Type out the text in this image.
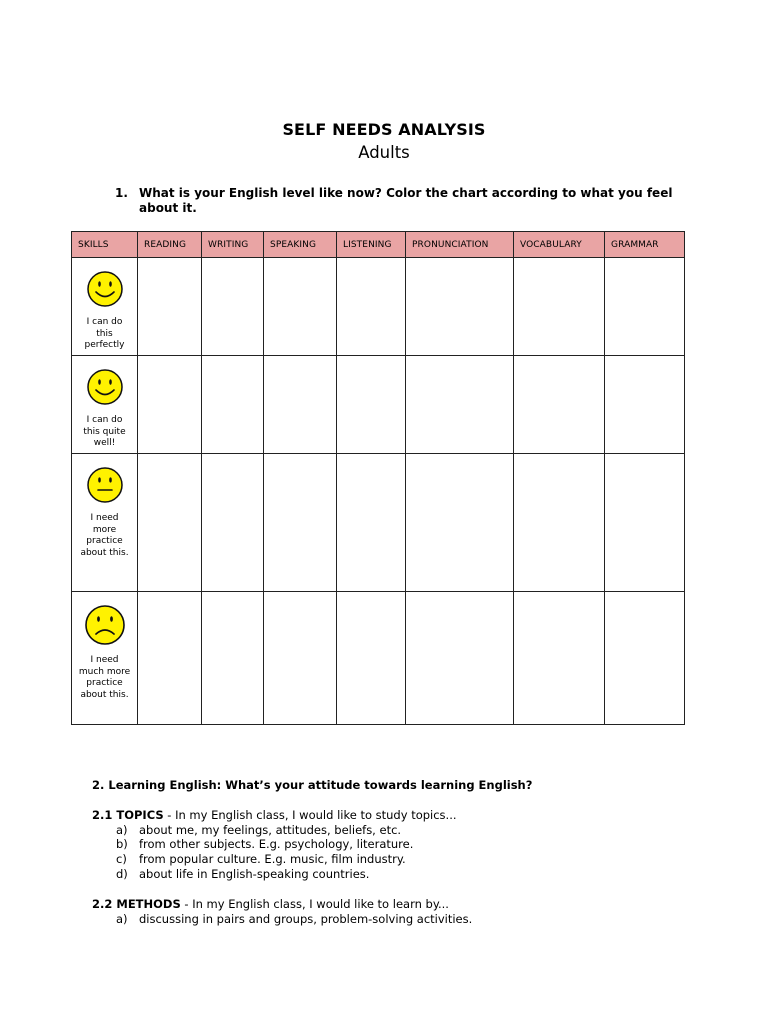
SELF NEEDS ANALYSIS
Adults
1. What is your English level like now? Color the chart according to what you feel about it.
SKILLS	READING	WRITING	SPEAKING	LISTENING	PRONUNCIATION	VOCABULARY	GRAMMAR

I can do this perfectly							

I can do this quite well!							

I need more practice about this.							

I need much more practice about this.							

2. Learning English: What’s your attitude towards learning English?
2.1 TOPICS - In my English class, I would like to study topics...
a) about me, my feelings, attitudes, beliefs, etc.
b) from other subjects. E.g. psychology, literature.
c) from popular culture. E.g. music, film industry.
d) about life in English-speaking countries.
2.2 METHODS - In my English class, I would like to learn by...
a) discussing in pairs and groups, problem-solving activities.
